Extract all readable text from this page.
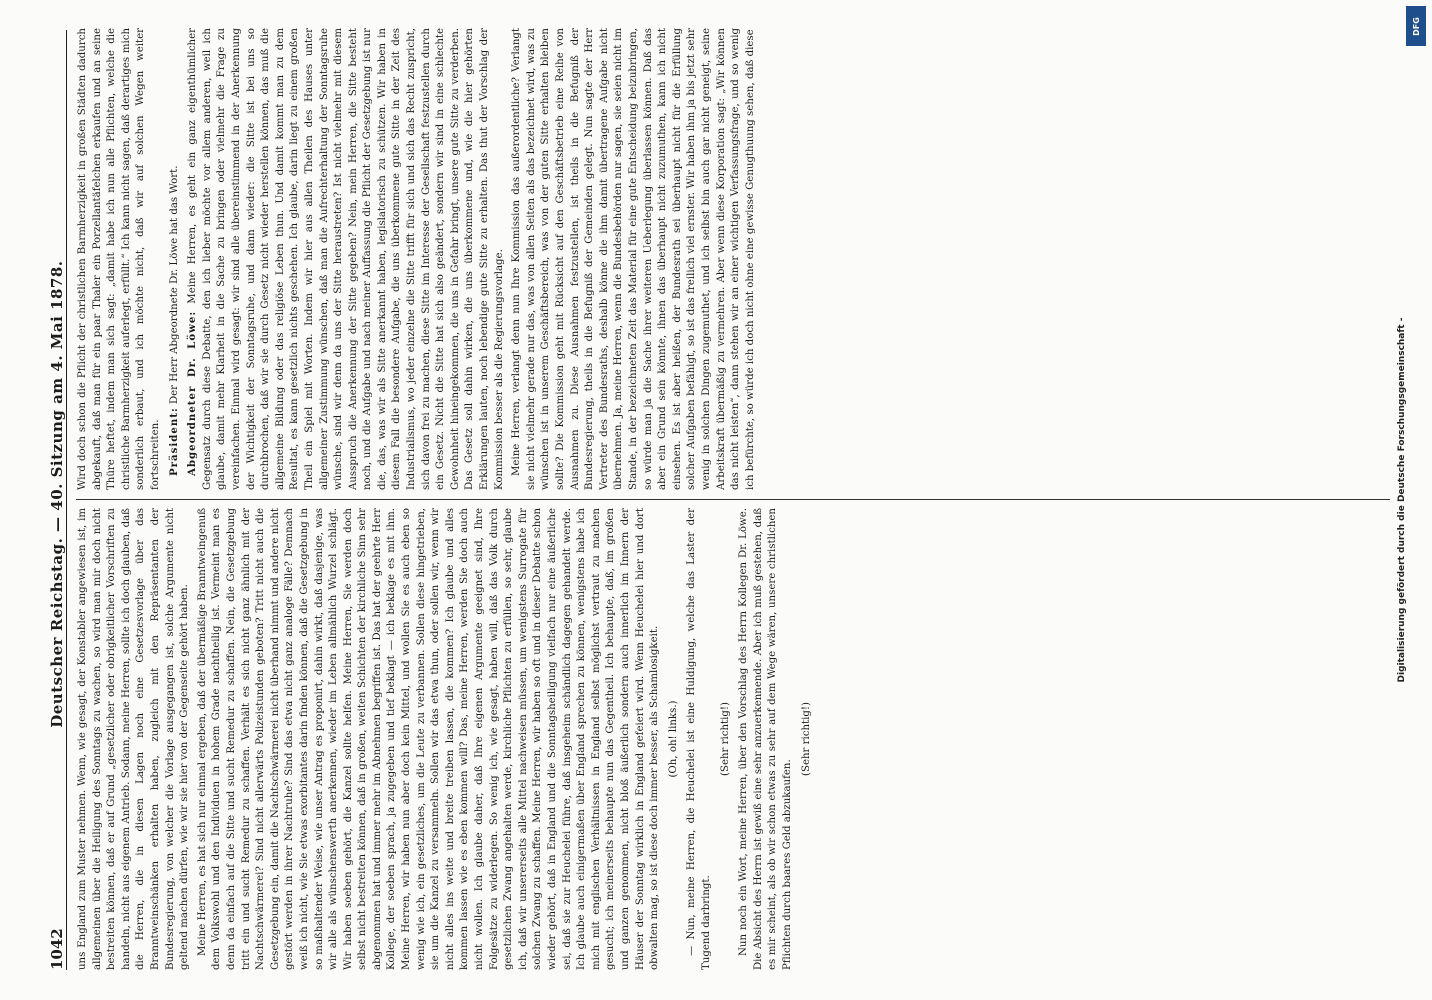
1042
Deutscher Reichstag. — 40. Sitzung am 4. Mai 1878.

uns England zum Muster nehmen. Wenn, wie gesagt, der Konstabler angewiesen ist, im allgemeinen über die Heiligung des Sonntags zu wachen, so wird man mir doch nicht bestreiten können, daß er auf Grund „gesetzlicher oder obrigkeitlicher Vorschriften zu handeln, nicht aus eigenem Antrieb. Sodann, meine Herren, sollte ich doch glauben, daß die Herren, die in diesen Lagen noch eine Gesetzesvorlage über das Branntweinschänken erhalten haben, zugleich mit den Repräsentanten der Bundesregierung, von welcher die Vorlage ausgegangen ist, solche Argumente nicht geltend machen dürfen, wie wir sie hier von der Gegenseite gehört haben. Meine Herren, es hat sich nur einmal ergeben, daß der übermäßige Branntweingenuß dem Volkswohl und den Individuen in hohem Grade nachtheilig ist. Vermeint man es denn da einfach auf die Sitte und sucht Remedur zu schaffen. Nein, die Gesetzgebung tritt ein und sucht Remedur zu schaffen. Verhält es sich nicht ganz ähnlich mit der Nachtschwärmerei? Sind nicht allerwärts Polizeistunden geboten? Tritt nicht auch die Gesetzgebung ein, damit die Nachtschwärmerei nicht überhand nimmt und andere nicht gestört werden in ihrer Nachtruhe? Sind das etwa nicht ganz analoge Fälle? Demnach weiß ich nicht, wie Sie etwas exorbitantes darin finden können, daß die Gesetzgebung in so maßhaltender Weise, wie unser Antrag es proponirt, dahin wirkt, daß dasjenige, was wir alle als wünschenswerth anerkennen, wieder im Leben allmählich Wurzel schlägt. Wir haben soeben gehört, die Kanzel sollte helfen. Meine Herren, Sie werden doch selbst nicht bestreiten können, daß in großen, weiten Schichten der kirchliche Sinn sehr abgenommen hat und immer mehr im Abnehmen begriffen ist. Das hat der geehrte Herr Kollege, der soeben sprach, ja zugegeben und tief beklagt — ich beklage es mit ihm. Meine Herren, wir haben nun aber doch kein Mittel, und wollen Sie es auch eben so wenig wie ich, ein gesetzliches, um die Leute zu verbannen. Sollen diese hingetrieben, sie um die Kanzel zu versammeln. Sollen wir das etwa thun, oder sollen wir, wenn wir nicht alles ins weite und breite treiben lassen, die kommen? Ich glaube und alles kommen lassen wie es eben kommen will? Das, meine Herren, werden Sie doch auch nicht wollen. Ich glaube daher, daß Ihre eigenen Argumente geeignet sind, Ihre Folgesätze zu widerlegen. So wenig ich, wie gesagt, haben will, daß das Volk durch gesetzlichen Zwang angehalten werde, kirchliche Pflichten zu erfüllen, so sehr, glaube ich, daß wir unsererseits alle Mittel nachweisen müssen, um wenigstens Surrogate für solchen Zwang zu schaffen. Meine Herren, wir haben so oft und in dieser Debatte schon wieder gehört, daß in England und die Sonntagsheiligung vielfach nur eine äußerliche sei, daß sie zur Heuchelei führe, daß insgeheim schändlich dagegen gehandelt werde. Ich glaube auch einigermaßen über England sprechen zu können, wenigstens habe ich mich mit englischen Verhältnissen in England selbst möglichst vertraut zu machen gesucht; ich meinerseits behaupte nun das Gegentheil. Ich behaupte, daß, im großen und ganzen genommen, nicht bloß äußerlich sondern auch innerlich im Innern der Häuser der Sonntag wirklich in England gefeiert wird. Wenn Heuchelei hier und dort obwalten mag, so ist diese doch immer besser, als Schamlosigkeit. (Oh, oh! links.) — Nun, meine Herren, die Heuchelei ist eine Huldigung, welche das Laster der Tugend darbringt.

(Sehr richtig!) Nun noch ein Wort, meine Herren, über den Vorschlag des Herrn Kollegen Dr. Löwe. Die Absicht des Herrn ist gewiß eine sehr anzuerkennende. Aber ich muß gestehen, daß es mir scheint, als ob wir schon etwas zu sehr auf dem Wege wären, unsere christlichen Pflichten durch baares Geld abzukaufen.

(Sehr richtig!)

Wird doch schon die Pflicht der christlichen Barmherzigkeit in großen Städten dadurch abgekauft, daß man für ein paar Thaler ein Porzellantäfelchen erkaufen und an seine Thüre heftet, indem man sich sagt: „damit habe ich nun alle Pflichten, welche die christliche Barmherzigkeit auferlegt, erfüllt.“ Ich kann nicht sagen, daß derartiges mich sonderlich erbaut, und ich möchte nicht, daß wir auf solchen Wegen weiter fortschreiten. Präsident: Der Herr Abgeordnete Dr. Löwe hat das Wort. Abgeordneter Dr. Löwe: Meine Herren, es geht ein ganz eigenthümlicher Gegensatz durch diese Debatte, den ich lieber möchte vor allem anderen, weil ich glaube, damit mehr Klarheit in die Sache zu bringen oder vielmehr die Frage zu vereinfachen. Einmal wird gesagt: wir sind alle übereinstimmend in der Anerkennung der Wichtigkeit der Sonntagsruhe, und dann wieder: die Sitte ist bei uns so durchbrochen, daß wir sie durch Gesetz nicht wieder herstellen können, das muß die allgemeine Bildung oder das religiöse Leben thun. Und damit kommt man zu dem Resultat, es kann gesetzlich nichts geschehen. Ich glaube, darin liegt zu einem großen Theil ein Spiel mit Worten. Indem wir hier aus allen Theilen des Hauses unter allgemeiner Zustimmung wünschen, daß man die Aufrechterhaltung der Sonntagsruhe wünsche, sind wir denn da uns der Sitte heraustreten? Ist nicht vielmehr mit diesem Ausspruch die Anerkennung der Sitte gegeben? Nein, mein Herren, die Sitte besteht noch, und die Aufgabe und nach meiner Auffassung die Pflicht der Gesetzgebung ist nur die, das, was wir als Sitte anerkannt haben, legislatorisch zu schützen. Wir haben in diesem Fall die besondere Aufgabe, die uns überkommene gute Sitte in der Zeit des Industrialismus, wo jeder einzelne die Sitte trifft für sich und sich das Recht zuspricht, sich davon frei zu machen, diese Sitte im Interesse der Gesellschaft festzustellen durch ein Gesetz. Nicht die Sitte hat sich also geändert, sondern wir sind in eine schlechte Gewohnheit hineingekommen, die uns in Gefahr bringt, unsere gute Sitte zu verderben. Das Gesetz soll dahin wirken, die uns überkommene und, wie die hier gehörten Erklärungen lauten, noch lebendige gute Sitte zu erhalten. Das thut der Vorschlag der Kommission besser als die Regierungsvorlage. Meine Herren, verlangt denn nun Ihre Kommission das außerordentliche? Verlangt sie nicht vielmehr gerade nur das, was von allen Seiten als das bezeichnet wird, was zu wünschen ist in unserem Geschäftsbereich, was von der guten Sitte erhalten bleiben sollte? Die Kommission geht mit Rücksicht auf den Geschäftsbetrieb eine Reihe von Ausnahmen zu. Diese Ausnahmen festzustellen, ist theils in die Befugniß der Bundesregierung, theils in die Befugniß der Gemeinden gelegt. Nun sagte der Herr Vertreter des Bundesraths, deshalb könne die ihm damit übertragene Aufgabe nicht übernehmen. Ja, meine Herren, wenn die Bundesbehörden nur sagen, sie seien nicht im Stande, in der bezeichneten Zeit das Material für eine gute Entscheidung beizubringen, so würde man ja die Sache ihrer weiteren Ueberlegung überlassen können. Daß das aber ein Grund sein könnte, ihnen das überhaupt nicht zuzumuthen, kann ich nicht einsehen. Es ist aber heißen, der Bundesrath sei überhaupt nicht für die Erfüllung solcher Aufgaben befähigt, so ist das freilich viel ernster. Wir haben ihm ja bis jetzt sehr wenig in solchen Dingen zugemuthet, und ich selbst bin auch gar nicht geneigt, seine Arbeitskraft übermäßig zu vermehren. Aber wenn diese Korporation sagt: „Wir können das nicht leisten“, dann stehen wir an einer wichtigen Verfassungsfrage, und so wenig ich befürchte, so würde ich doch nicht ohne eine gewisse Genugthuung sehen, daß diese

Digitalisierung gefördert durch die Deutsche Forschungsgemeinschaft -
DFG
